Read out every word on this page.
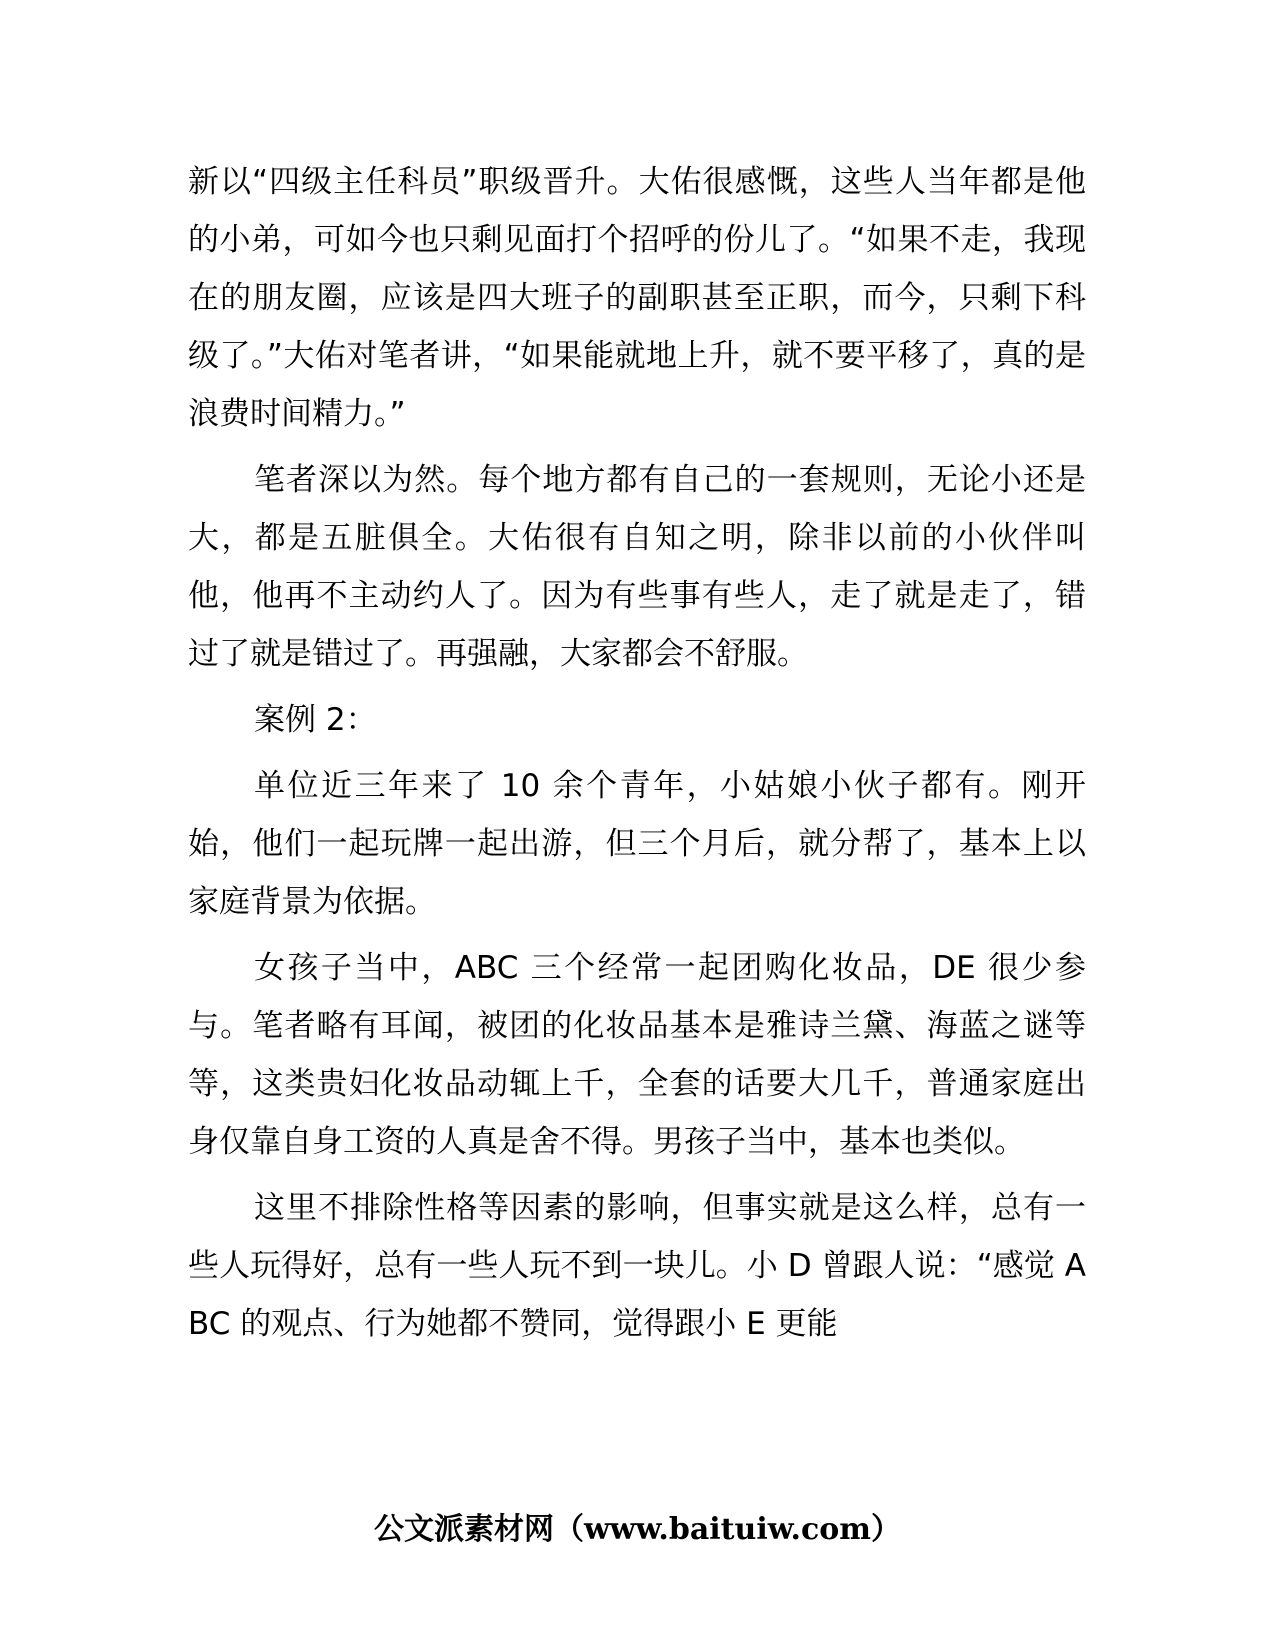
新以“四级主任科员”职级晋升。大佑很感慨，这些人当年都是他的小弟，可如今也只剩见面打个招呼的份儿了。“如果不走，我现在的朋友圈，应该是四大班子的副职甚至正职，而今，只剩下科级了。”大佑对笔者讲，“如果能就地上升，就不要平移了，真的是浪费时间精力。”

笔者深以为然。每个地方都有自己的一套规则，无论小还是大，都是五脏俱全。大佑很有自知之明，除非以前的小伙伴叫他，他再不主动约人了。因为有些事有些人，走了就是走了，错过了就是错过了。再强融，大家都会不舒服。

案例 2：

单位近三年来了 10 余个青年，小姑娘小伙子都有。刚开始，他们一起玩牌一起出游，但三个月后，就分帮了，基本上以家庭背景为依据。

女孩子当中，ABC 三个经常一起团购化妆品，DE 很少参与。笔者略有耳闻，被团的化妆品基本是雅诗兰黛、海蓝之谜等等，这类贵妇化妆品动辄上千，全套的话要大几千，普通家庭出身仅靠自身工资的人真是舍不得。男孩子当中，基本也类似。

这里不排除性格等因素的影响，但事实就是这么样，总有一些人玩得好，总有一些人玩不到一块儿。小 D 曾跟人说：“感觉 ABC 的观点、行为她都不赞同，觉得跟小 E 更能

公文派素材网（www.baituiw.com）
